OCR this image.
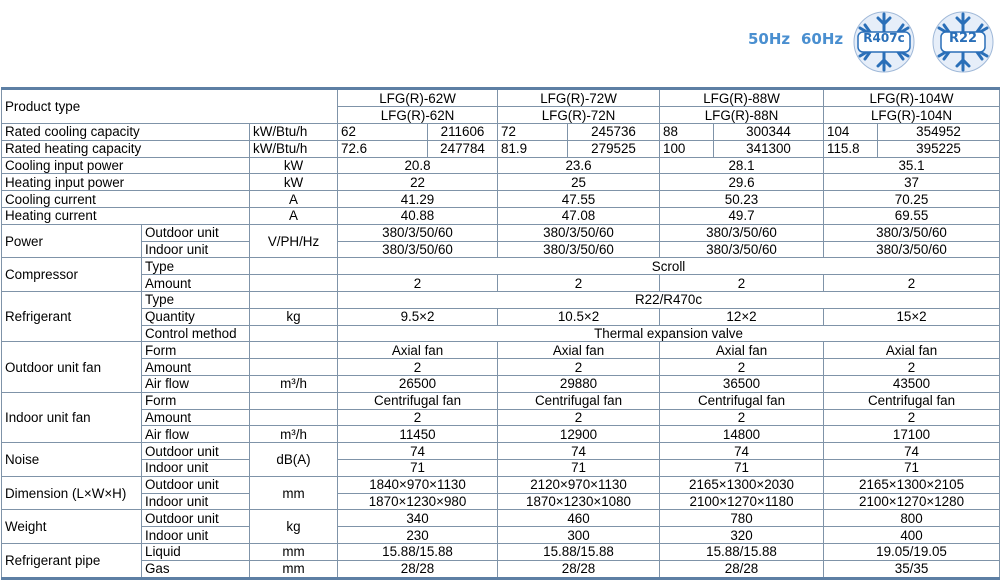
50Hz 60Hz	R407c	R22
Product type			LFG(R)-62W		LFG(R)-72W		LFG(R)-88W		LFG(R)-104W	
			LFG(R)-62N		LFG(R)-72N		LFG(R)-88N		LFG(R)-104N	
Rated cooling capacity		kW/Btu/h	62	211606	72	245736	88	300344	104	354952
Rated heating capacity		kW/Btu/h	72.6	247784	81.9	279525	100	341300	115.8	395225
Cooling input power		kW	20.8		23.6		28.1		35.1	
Heating input power		kW	22		25		29.6		37	
Cooling current		A	41.29		47.55		50.23		70.25	
Heating current		A	40.88		47.08		49.7		69.55	
Power	Outdoor unit	V/PH/Hz	380/3/50/60		380/3/50/60		380/3/50/60		380/3/50/60	
	Indoor unit		380/3/50/60		380/3/50/60		380/3/50/60		380/3/50/60	
Compressor	Type		Scroll							
	Amount		2		2		2		2	
Refrigerant	Type		R22/R470c							
	Quantity	kg	9.5×2		10.5×2		12×2		15×2	
	Control method		Thermal expansion valve							
Outdoor unit fan	Form		Axial fan		Axial fan		Axial fan		Axial fan	
	Amount		2		2		2		2	
	Air flow	m³/h	26500		29880		36500		43500	
Indoor unit fan	Form		Centrifugal fan		Centrifugal fan		Centrifugal fan		Centrifugal fan	
	Amount		2		2		2		2	
	Air flow	m³/h	11450		12900		14800		17100	
Noise	Outdoor unit	dB(A)	74		74		74		74	
	Indoor unit		71		71		71		71	
Dimension (L×W×H)	Outdoor unit	mm	1840×970×1130		2120×970×1130		2165×1300×2030		2165×1300×2105	
	Indoor unit		1870×1230×980		1870×1230×1080		2100×1270×1180		2100×1270×1280	
Weight	Outdoor unit	kg	340		460		780		800	
	Indoor unit		230		300		320		400	
Refrigerant pipe	Liquid	mm	15.88/15.88		15.88/15.88		15.88/15.88		19.05/19.05	
	Gas	mm	28/28		28/28		28/28		35/35	
